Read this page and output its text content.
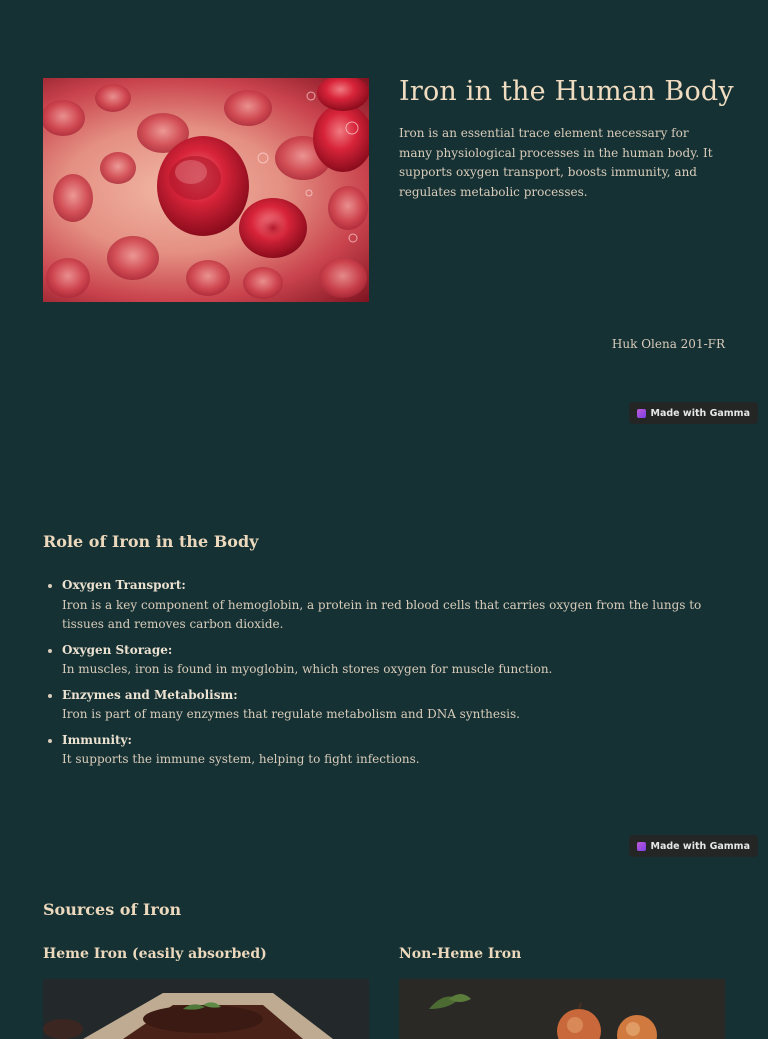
Iron in the Human Body

Iron is an essential trace element necessary for many physiological processes in the human body. It supports oxygen transport, boosts immunity, and regulates metabolic processes.

Huk Olena 201-FR
Made with Gamma
Role of Iron in the Body
• Oxygen Transport:
Iron is a key component of hemoglobin, a protein in red blood cells that carries oxygen from the lungs to tissues and removes carbon dioxide.
• Oxygen Storage:
In muscles, iron is found in myoglobin, which stores oxygen for muscle function.
• Enzymes and Metabolism:
Iron is part of many enzymes that regulate metabolism and DNA synthesis.
• Immunity:
It supports the immune system, helping to fight infections.
Made with Gamma
Sources of Iron
Heme Iron (easily absorbed)	Non-Heme Iron
